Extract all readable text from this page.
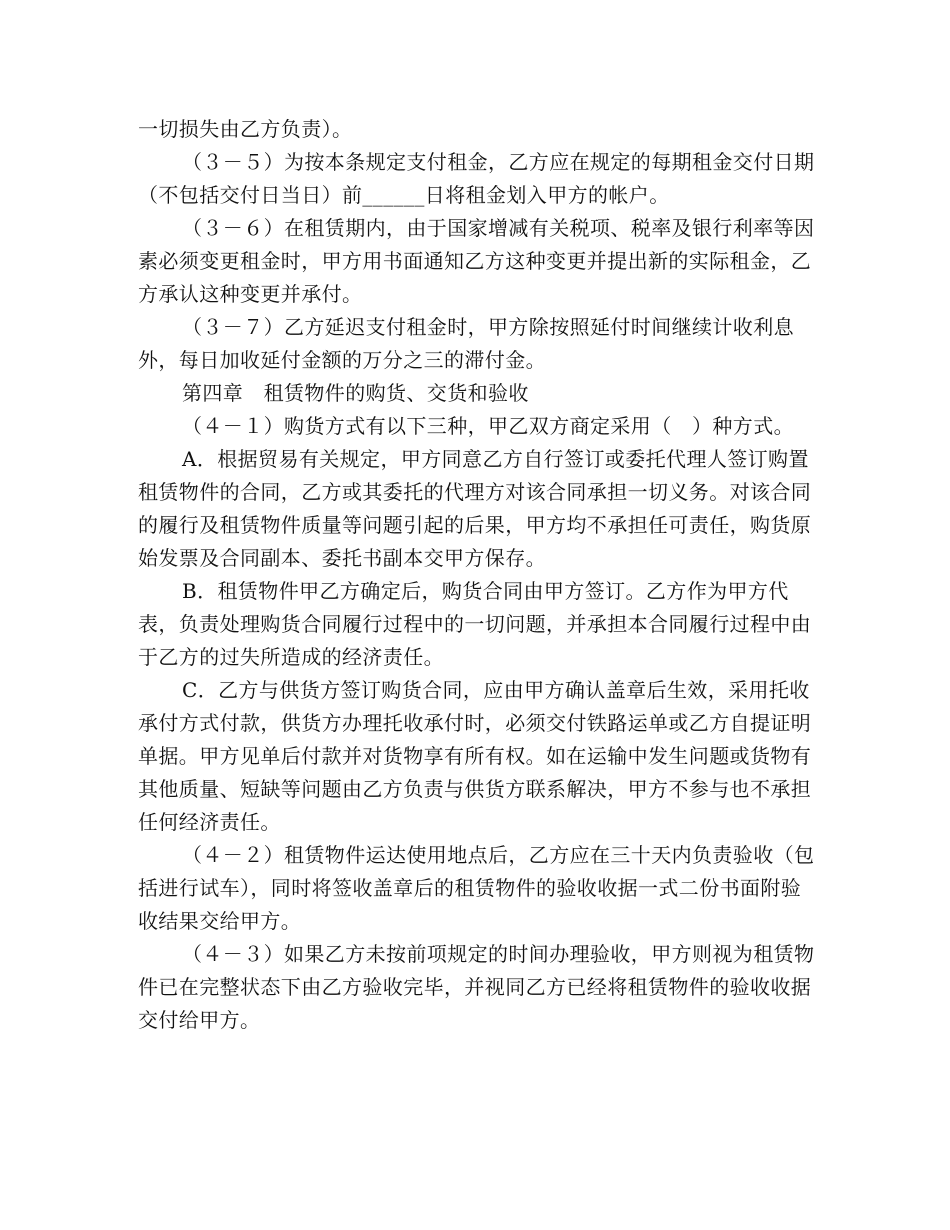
一切损失由乙方负责）。

（３－５）为按本条规定支付租金，乙方应在规定的每期租金交付日期（不包括交付日当日）前______日将租金划入甲方的帐户。

（３－６）在租赁期内，由于国家增减有关税项、税率及银行利率等因素必须变更租金时，甲方用书面通知乙方这种变更并提出新的实际租金，乙方承认这种变更并承付。

（３－７）乙方延迟支付租金时，甲方除按照延付时间继续计收利息外，每日加收延付金额的万分之三的滞付金。

第四章　租赁物件的购货、交货和验收

（４－１）购货方式有以下三种，甲乙双方商定采用（　）种方式。

A．根据贸易有关规定，甲方同意乙方自行签订或委托代理人签订购置租赁物件的合同，乙方或其委托的代理方对该合同承担一切义务。对该合同的履行及租赁物件质量等问题引起的后果，甲方均不承担任可责任，购货原始发票及合同副本、委托书副本交甲方保存。

B．租赁物件甲乙方确定后，购货合同由甲方签订。乙方作为甲方代表，负责处理购货合同履行过程中的一切问题，并承担本合同履行过程中由于乙方的过失所造成的经济责任。

C．乙方与供货方签订购货合同，应由甲方确认盖章后生效，采用托收承付方式付款，供货方办理托收承付时，必须交付铁路运单或乙方自提证明单据。甲方见单后付款并对货物享有所有权。如在运输中发生问题或货物有其他质量、短缺等问题由乙方负责与供货方联系解决，甲方不参与也不承担任何经济责任。

（４－２）租赁物件运达使用地点后，乙方应在三十天内负责验收（包括进行试车），同时将签收盖章后的租赁物件的验收收据一式二份书面附验收结果交给甲方。

（４－３）如果乙方未按前项规定的时间办理验收，甲方则视为租赁物件已在完整状态下由乙方验收完毕，并视同乙方已经将租赁物件的验收收据交付给甲方。
